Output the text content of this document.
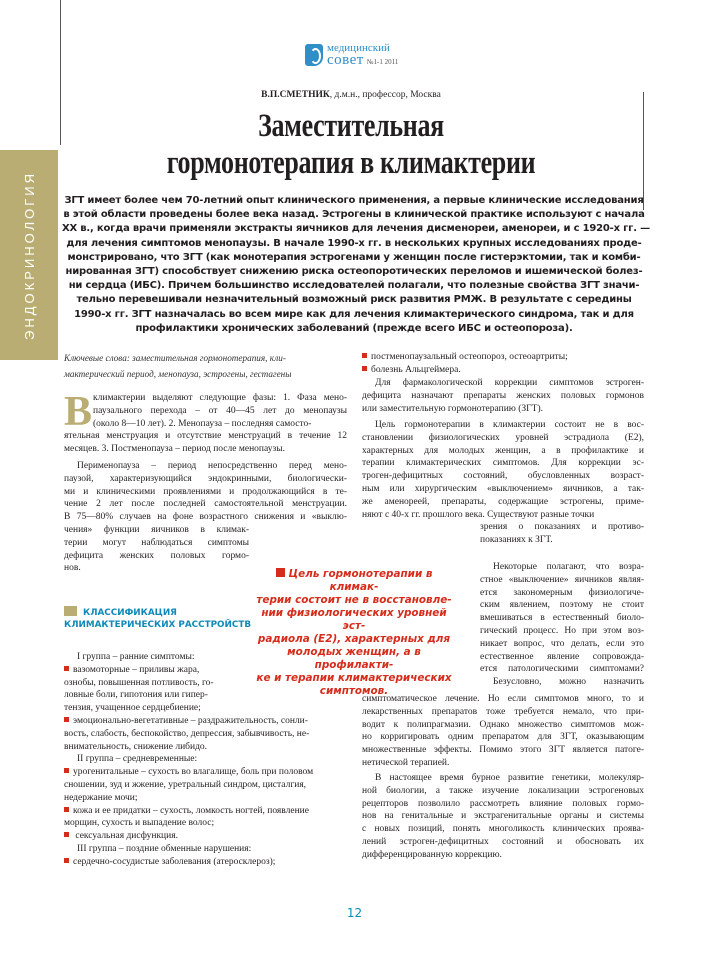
ЭНДОКРИНОЛОГИЯ
медицинский
совет №1-1 2011
В.П.СМЕТНИК, д.м.н., профессор, Москва
Заместительная
гормонотерапия в климактерии

ЗГТ имеет более чем 70-летний опыт клинического применения, а первые клинические исследования

в этой области проведены более века назад. Эстрогены в клинической практике используют с начала

XX в., когда врачи применяли экстракты яичников для лечения дисменореи, аменореи, и с 1920-х гг. —

для лечения симптомов менопаузы. В начале 1990-х гг. в нескольких крупных исследованиях проде-

монстрировано, что ЗГТ (как монотерапия эстрогенами у женщин после гистерэктомии, так и комби-

нированная ЗГТ) способствует снижению риска остеопоротических переломов и ишемической болез-

ни сердца (ИБС). Причем большинство исследователей полагали, что полезные свойства ЗГТ значи-

тельно перевешивали незначительный возможный риск развития РМЖ. В результате с середины

1990-х гг. ЗГТ назначалась во всем мире как для лечения климактерического синдрома, так и для

профилактики хронических заболеваний (прежде всего ИБС и остеопороза).

Ключевые слова: заместительная гормонотерапия, кли-
мактерический период, менопауза, эстрогены, гестагены
В климактерии выделяют следующие фазы: 1. Фаза мено-
паузального перехода – от 40—45 лет до менопаузы
(около 8—10 лет). 2. Менопауза – последняя самосто-
ятельная менструация и отсутствие менструаций в течение 12
месяцев. 3. Постменопауза – период после менопаузы.
Перименопауза – период непосредственно перед мено-
паузой, характеризующийся эндокринными, биологически-
ми и клиническими проявлениями и продолжающийся в те-
чение 2 лет после последней самостоятельной менструации.
В 75—80% случаев на фоне возрастного снижения и «выклю-
чения» функции яичников в климак-
терии могут наблюдаться симптомы
дефицита женских половых гормо-
нов.
КЛАССИФИКАЦИЯ
КЛИМАКТЕРИЧЕСКИХ РАССТРОЙСТВ
I группа – ранние симптомы:
вазомоторные – приливы жара,
ознобы, повышенная потливость, го-
ловные боли, гипотония или гипер-
тензия, учащенное сердцебиение;
эмоционально-вегетативные – раздражительность, сонли-
вость, слабость, беспокойство, депрессия, забывчивость, не-
внимательность, снижение либидо.
II группа – средневременные:
урогенитальные – сухость во влагалище, боль при половом
сношении, зуд и жжение, уретральный синдром, цисталгия,
недержание мочи;
кожа и ее придатки – сухость, ломкость ногтей, появление
морщин, сухость и выпадение волос;
сексуальная дисфункция.
III группа – поздние обменные нарушения:
сердечно-сосудистые заболевания (атеросклероз);
Цель гормонотерапии в климак-
терии состоит не в восстановле-
нии физиологических уровней эст-
радиола (Е2), характерных для
молодых женщин, а в профилакти-
ке и терапии климактерических
симптомов.
постменопаузальный остеопороз, остеоартриты;
болезнь Альцгеймера.
Для фармакологической коррекции симптомов эстроген-
дефицита назначают препараты женских половых гормонов
или заместительную гормонотерапию (ЗГТ).
Цель гормонотерапии в климактерии состоит не в вос-
становлении физиологических уровней эстрадиола (Е2),
характерных для молодых женщин, а в профилактике и
терапии климактерических симптомов. Для коррекции эс-
троген-дефицитных состояний, обусловленных возраст-
ным или хирургическим «выключением» яичников, а так-
же аменореей, препараты, содержащие эстрогены, приме-
няют с 40-х гг. прошлого века. Существуют разные точки
зрения о показаниях и противо-
показаниях к ЗГТ.
Некоторые полагают, что возра-
стное «выключение» яичников являя-
ется закономерным физиологиче-
ским явлением, поэтому не стоит
вмешиваться в естественный биоло-
гический процесс. Но при этом воз-
никает вопрос, что делать, если это
естественное явление сопровожда-
ется патологическими симптомами?
Безусловно, можно назначить
симптоматическое лечение. Но если симптомов много, то и
лекарственных препаратов тоже требуется немало, что при-
водит к полипрагмазии. Однако множество симптомов мож-
но корригировать одним препаратом для ЗГТ, оказывающим
множественные эффекты. Помимо этого ЗГТ является патоге-
нетической терапией.
В настоящее время бурное развитие генетики, молекуляр-
ной биологии, а также изучение локализации эстрогеновых
рецепторов позволило рассмотреть влияние половых гормо-
нов на генитальные и экстрагенитальные органы и системы
с новых позиций, понять многоликость клинических проява-
лений эстроген-дефицитных состояний и обосновать их
дифференцированную коррекцию.
12
